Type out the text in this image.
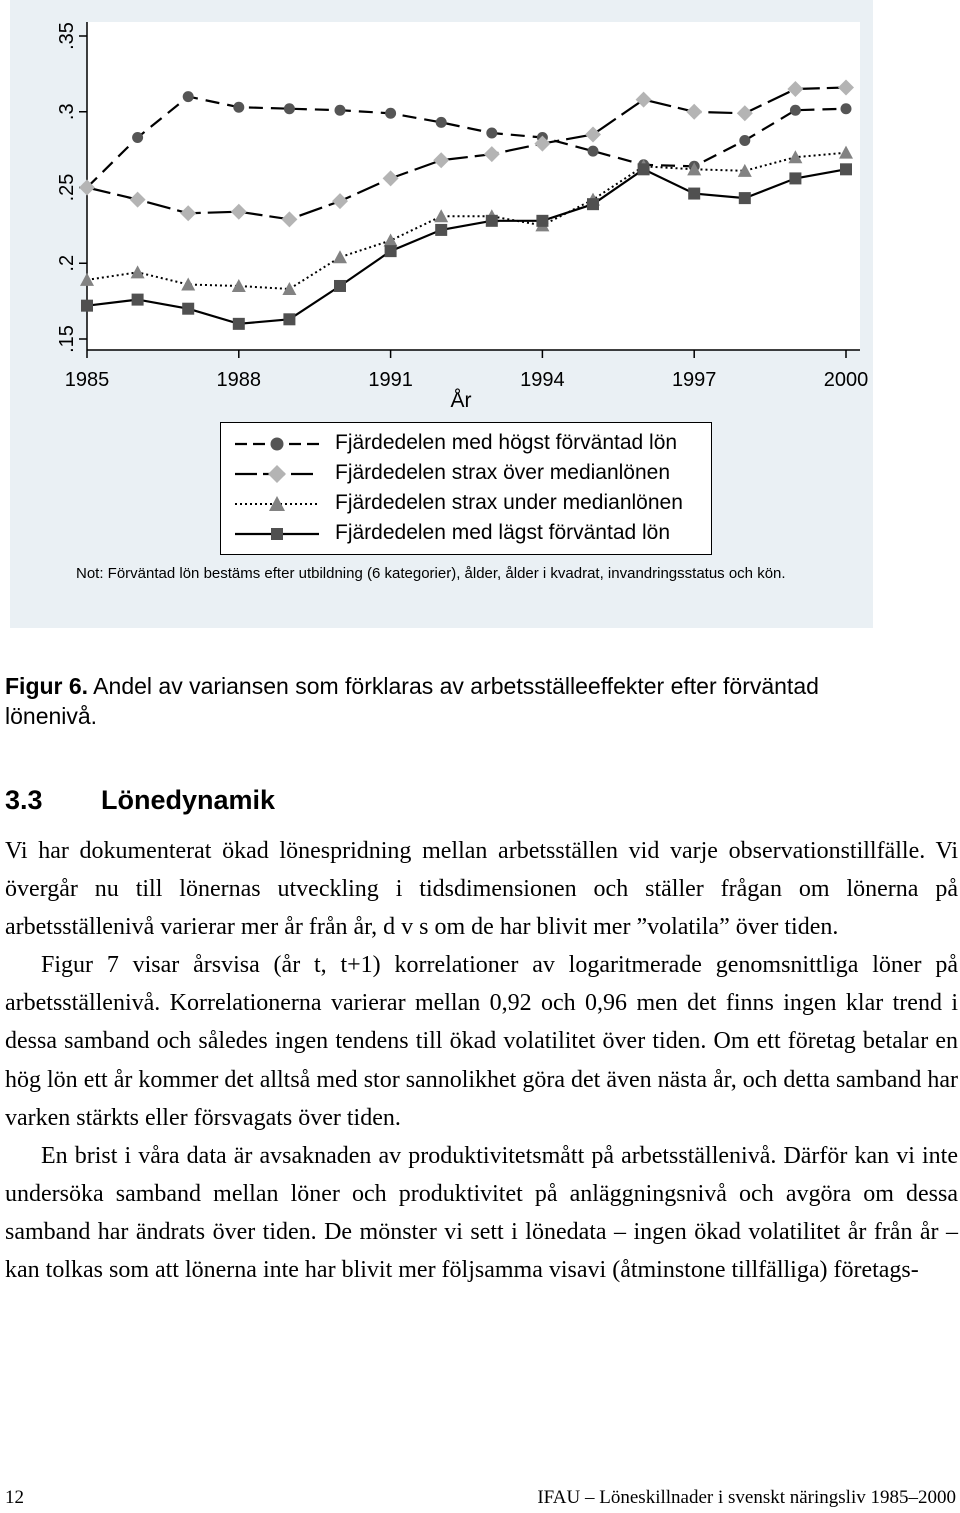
.15
.2
.25
.3
.35
1985	1988	1991	1994	1997	2000
År
Fjärdedelen med högst förväntad lön
Fjärdedelen strax över medianlönen
Fjärdedelen strax under medianlönen
Fjärdedelen med lägst förväntad lön
Not: Förväntad lön bestäms efter utbildning (6 kategorier), ålder, ålder i kvadrat, invandringsstatus och kön.
Figur 6. Andel av variansen som förklaras av arbetsställeeffekter efter förväntad lönenivå.
3.3 Lönedynamik

Vi har dokumenterat ökad lönespridning mellan arbetsställen vid varje observationstillfälle. Vi övergår nu till lönernas utveckling i tidsdimensionen och ställer frågan om lönerna på arbetsställenivå varierar mer år från år, d v s om de har blivit mer ”volatila” över tiden.

Figur 7 visar årsvisa (år t, t+1) korrelationer av logaritmerade genomsnittliga löner på arbetsställenivå. Korrelationerna varierar mellan 0,92 och 0,96 men det finns ingen klar trend i dessa samband och således ingen tendens till ökad volatilitet över tiden. Om ett företag betalar en hög lön ett år kommer det alltså med stor sannolikhet göra det även nästa år, och detta samband har varken stärkts eller försvagats över tiden.

En brist i våra data är avsaknaden av produktivitetsmått på arbetsställenivå. Därför kan vi inte undersöka samband mellan löner och produktivitet på anläggningsnivå och avgöra om dessa samband har ändrats över tiden. De mönster vi sett i lönedata – ingen ökad volatilitet år från år – kan tolkas som att lönerna inte har blivit mer följsamma visavi (åtminstone tillfälliga) företags-

12	IFAU – Löneskillnader i svenskt näringsliv 1985–2000
